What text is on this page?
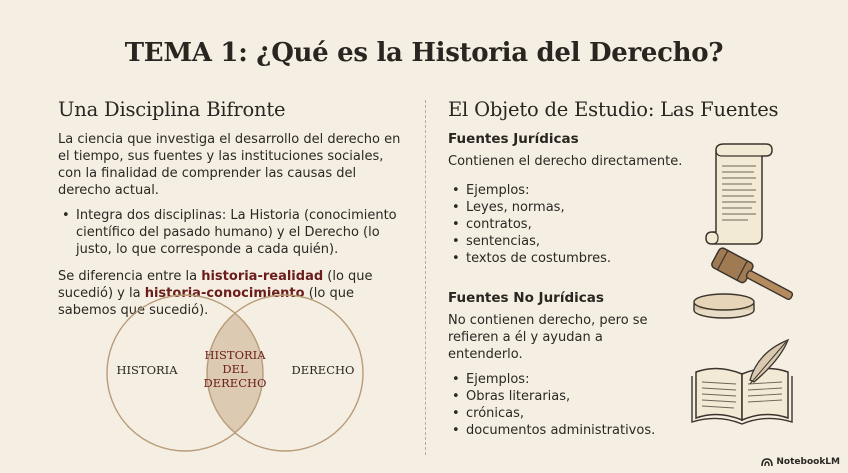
TEMA 1: ¿Qué es la Historia del Derecho?
Una Disciplina Bifronte

La ciencia que investiga el desarrollo del derecho en el tiempo, sus fuentes y las instituciones sociales, con la finalidad de comprender las causas del derecho actual.

• Integra dos disciplinas: La Historia (conocimiento científico del pasado humano) y el Derecho (lo justo, lo que corresponde a cada quién).

Se diferencia entre la historia-realidad (lo que sucedió) y la historia-conocimiento (lo que sabemos que sucedió).

HISTORIA
HISTORIA
DEL
DERECHO
DERECHO
El Objeto de Estudio: Las Fuentes
Fuentes Jurídicas

Contienen el derecho directamente.

• Ejemplos:
• Leyes, normas,
• contratos,
• sentencias,
• textos de costumbres.
Fuentes No Jurídicas

No contienen derecho, pero se refieren a él y ayudan a entenderlo.

• Ejemplos:
• Obras literarias,
• crónicas,
• documentos administrativos.
NotebookLM
